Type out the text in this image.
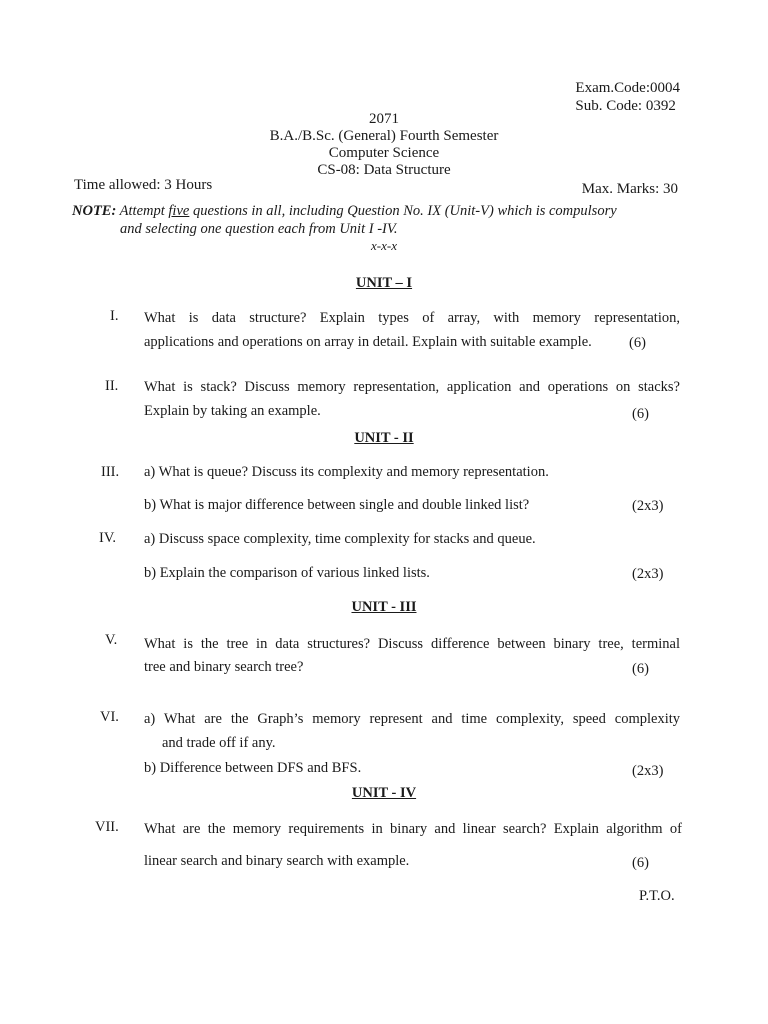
Exam.Code:0004
Sub. Code: 0392
2071
B.A./B.Sc. (General) Fourth Semester
Computer Science
CS-08: Data Structure
Time allowed: 3 Hours	Max. Marks: 30
NOTE: Attempt five questions in all, including Question No. IX (Unit-V) which is compulsory
and selecting one question each from Unit I -IV.
x-x-x
UNIT – I
I. What is data structure? Explain types of array, with memory representation,
applications and operations on array in detail. Explain with suitable example.	(6)
II. What is stack? Discuss memory representation, application and operations on stacks?
Explain by taking an example.	(6)
UNIT - II
III. a) What is queue? Discuss its complexity and memory representation.
b) What is major difference between single and double linked list?	(2x3)
IV. a) Discuss space complexity, time complexity for stacks and queue.
b) Explain the comparison of various linked lists.	(2x3)
UNIT - III
V. What is the tree in data structures? Discuss difference between binary tree, terminal
tree and binary search tree?	(6)
VI. a) What are the Graph’s memory represent and time complexity, speed complexity
and trade off if any.
b) Difference between DFS and BFS.	(2x3)
UNIT - IV
VII. What are the memory requirements in binary and linear search? Explain algorithm of
linear search and binary search with example.	(6)
P.T.O.
